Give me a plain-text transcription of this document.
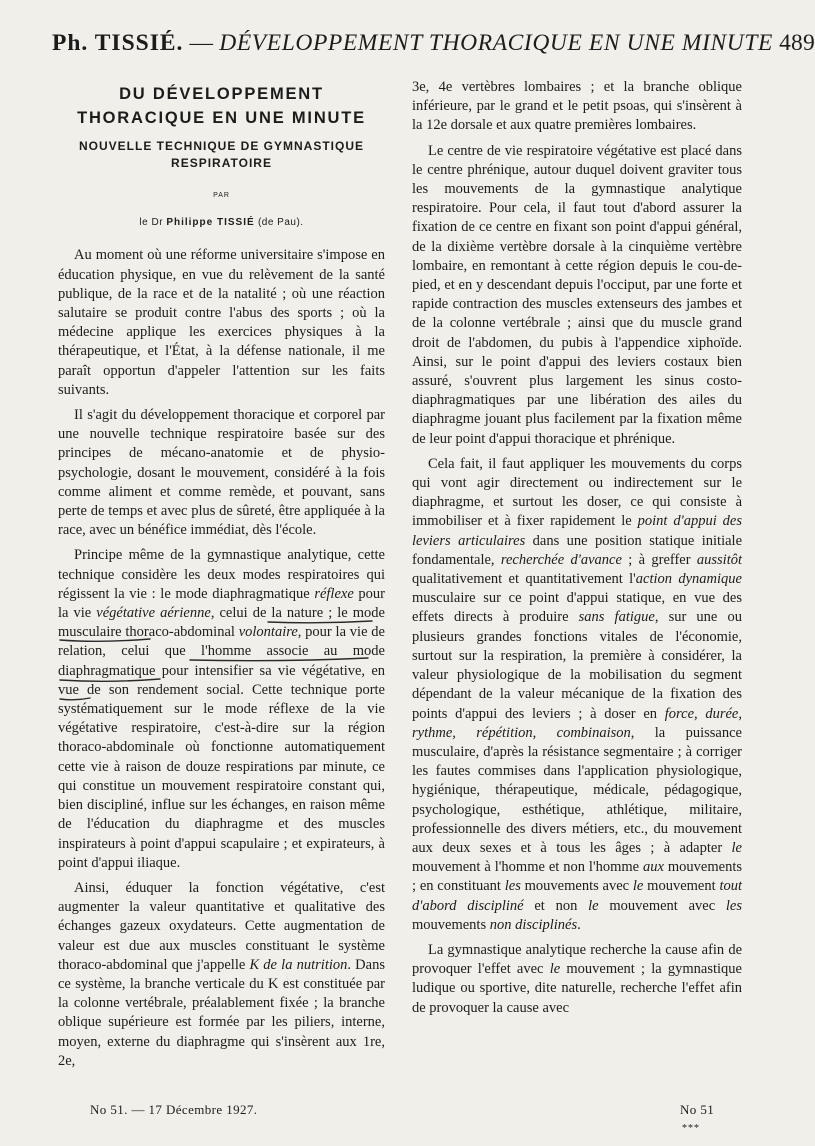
Ph. TISSIÉ. — DÉVELOPPEMENT THORACIQUE EN UNE MINUTE 489
DU DÉVELOPPEMENT THORACIQUE EN UNE MINUTE
NOUVELLE TECHNIQUE DE GYMNASTIQUE RESPIRATOIRE
PAR
le Dr Philippe TISSIÉ (de Pau).

Au moment où une réforme universitaire s'impose en éducation physique, en vue du relèvement de la santé publique, de la race et de la natalité ; où une réaction salutaire se produit contre l'abus des sports ; où la médecine applique les exercices physiques à la thérapeutique, et l'État, à la défense nationale, il me paraît opportun d'appeler l'attention sur les faits suivants.

Il s'agit du développement thoracique et corporel par une nouvelle technique respiratoire basée sur des principes de mécano-anatomie et de physio-psychologie, dosant le mouvement, considéré à la fois comme aliment et comme remède, et pouvant, sans perte de temps et avec plus de sûreté, être appliquée à la race, avec un bénéfice immédiat, dès l'école.

Principe même de la gymnastique analytique, cette technique considère les deux modes respiratoires qui régissent la vie : le mode diaphragmatique réflexe pour la vie végétative aérienne, celui de la nature ; le mode musculaire thoraco-abdominal volontaire, pour la vie de relation, celui que l'homme associe au mode diaphragmatique pour intensifier sa vie végétative, en vue de son rendement social. Cette technique porte systématiquement sur le mode réflexe de la vie végétative respiratoire, c'est-à-dire sur la région thoraco-abdominale où fonctionne automatiquement cette vie à raison de douze respirations par minute, ce qui constitue un mouvement respiratoire constant qui, bien discipliné, influe sur les échanges, en raison même de l'éducation du diaphragme et des muscles inspirateurs à point d'appui scapulaire ; et expirateurs, à point d'appui iliaque.

Ainsi, éduquer la fonction végétative, c'est augmenter la valeur quantitative et qualitative des échanges gazeux oxydateurs. Cette augmentation de valeur est due aux muscles constituant le système thoraco-abdominal que j'appelle K de la nutrition. Dans ce système, la branche verticale du K est constituée par la colonne vertébrale, préalablement fixée ; la branche oblique supérieure est formée par les piliers, interne, moyen, externe du diaphragme qui s'insèrent aux 1re, 2e,

3e, 4e vertèbres lombaires ; et la branche oblique inférieure, par le grand et le petit psoas, qui s'insèrent à la 12e dorsale et aux quatre premières lombaires.

Le centre de vie respiratoire végétative est placé dans le centre phrénique, autour duquel doivent graviter tous les mouvements de la gymnastique analytique respiratoire. Pour cela, il faut tout d'abord assurer la fixation de ce centre en fixant son point d'appui général, de la dixième vertèbre dorsale à la cinquième vertèbre lombaire, en remontant à cette région depuis le cou-de-pied, et en y descendant depuis l'occiput, par une forte et rapide contraction des muscles extenseurs des jambes et de la colonne vertébrale ; ainsi que du muscle grand droit de l'abdomen, du pubis à l'appendice xiphoïde. Ainsi, sur le point d'appui des leviers costaux bien assuré, s'ouvrent plus largement les sinus costo-diaphragmatiques par une libération des ailes du diaphragme jouant plus facilement par la fixation même de leur point d'appui thoracique et phrénique.

Cela fait, il faut appliquer les mouvements du corps qui vont agir directement ou indirectement sur le diaphragme, et surtout les doser, ce qui consiste à immobiliser et à fixer rapidement le point d'appui des leviers articulaires dans une position statique initiale fondamentale, recherchée d'avance ; à greffer aussitôt qualitativement et quantitativement l'action dynamique musculaire sur ce point d'appui statique, en vue des effets directs à produire sans fatigue, sur une ou plusieurs grandes fonctions vitales de l'économie, surtout sur la respiration, la première à considérer, la valeur physiologique de la mobilisation du segment dépendant de la valeur mécanique de la fixation des points d'appui des leviers ; à doser en force, durée, rythme, répétition, combinaison, la puissance musculaire, d'après la résistance segmentaire ; à corriger les fautes commises dans l'application physiologique, hygiénique, thérapeutique, médicale, pédagogique, psychologique, esthétique, athlétique, militaire, professionnelle des divers métiers, etc., du mouvement aux deux sexes et à tous les âges ; à adapter le mouvement à l'homme et non l'homme aux mouvements ; en constituant les mouvements avec le mouvement tout d'abord discipliné et non le mouvement avec les mouvements non disciplinés.

La gymnastique analytique recherche la cause afin de provoquer l'effet avec le mouvement ; la gymnastique ludique ou sportive, dite naturelle, recherche l'effet afin de provoquer la cause avec

No 51. — 17 Décembre 1927.	No 51
***
